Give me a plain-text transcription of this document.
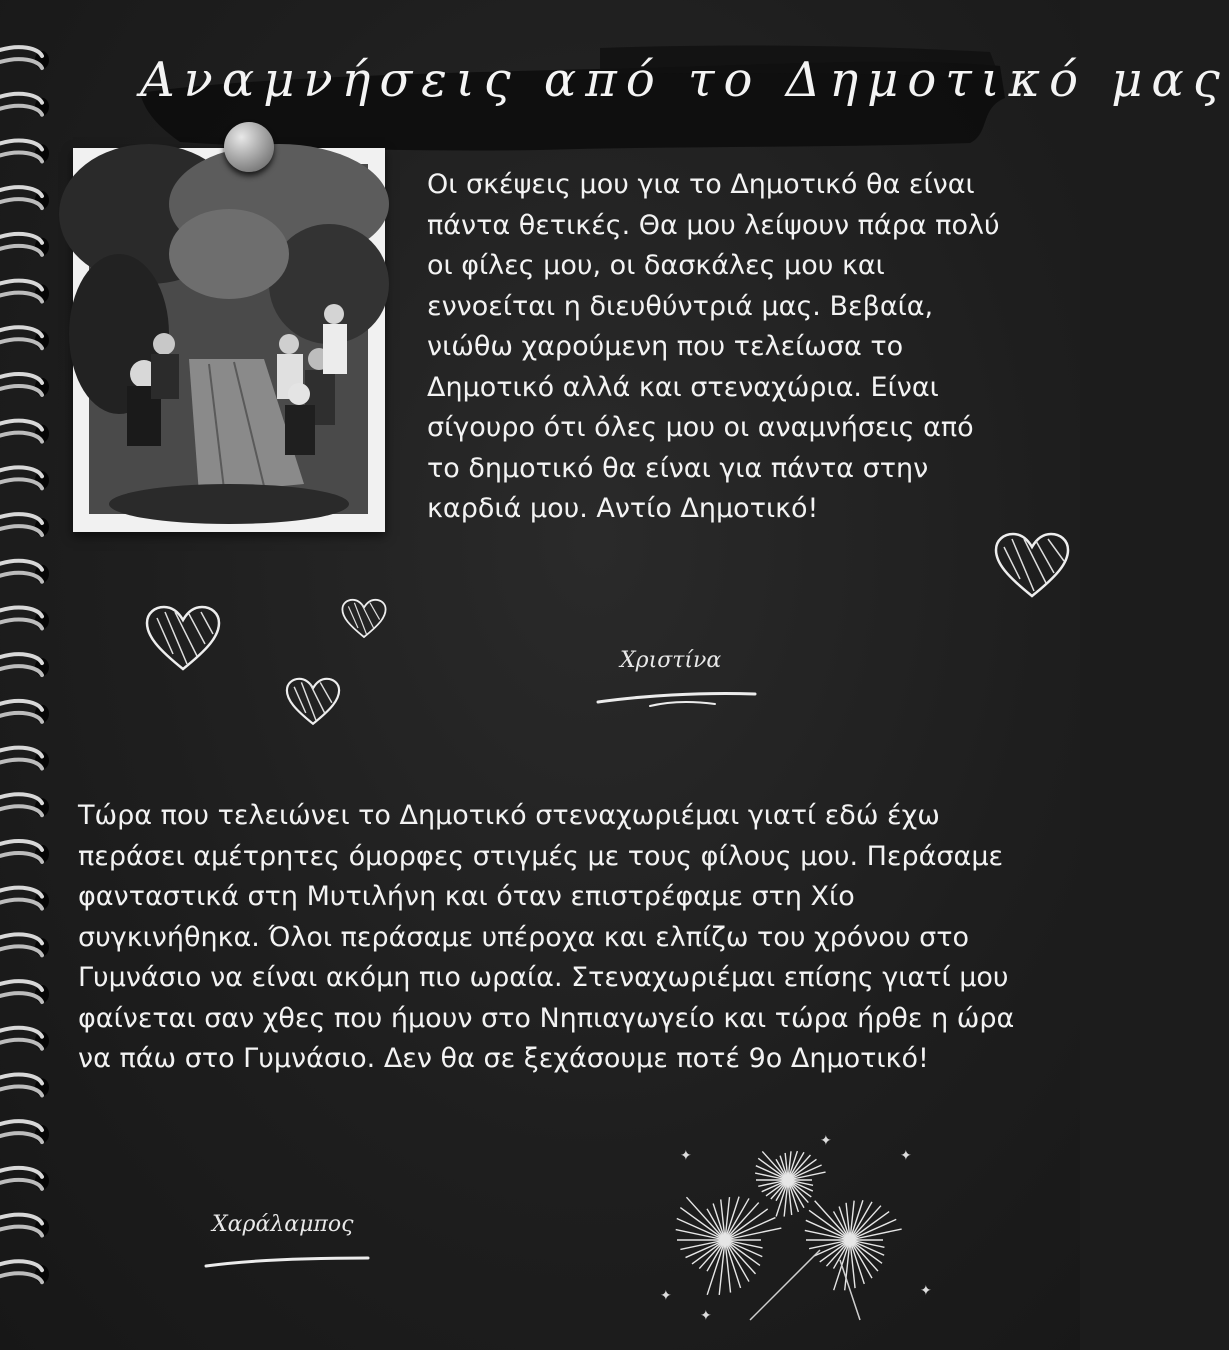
Αναμνήσεις από το Δημοτικό μας

Οι σκέψεις μου για το Δημοτικό θα είναι πάντα θετικές. Θα μου λείψουν πάρα πολύ οι φίλες μου, οι δασκάλες μου και εννοείται η διευθύντριά μας. Βεβαία, νιώθω χαρούμενη που τελείωσα το Δημοτικό αλλά και στεναχώρια. Είναι σίγουρο ότι όλες μου οι αναμνήσεις από το δημοτικό θα είναι για πάντα στην καρδιά μου. Αντίο Δημοτικό!

Χριστίνα

Τώρα που τελειώνει το Δημοτικό στεναχωριέμαι γιατί εδώ έχω περάσει αμέτρητες όμορφες στιγμές με τους φίλους μου. Περάσαμε φανταστικά στη Μυτιλήνη και όταν επιστρέφαμε στη Χίο συγκινήθηκα. Όλοι περάσαμε υπέροχα και ελπίζω του χρόνου στο Γυμνάσιο να είναι ακόμη πιο ωραία. Στεναχωριέμαι επίσης γιατί μου φαίνεται σαν χθες που ήμουν στο Νηπιαγωγείο και τώρα ήρθε η ώρα να πάω στο Γυμνάσιο. Δεν θα σε ξεχάσουμε ποτέ 9ο Δημοτικό!

Χαράλαμπος
✦	✦
✦
✦	✦
✦
